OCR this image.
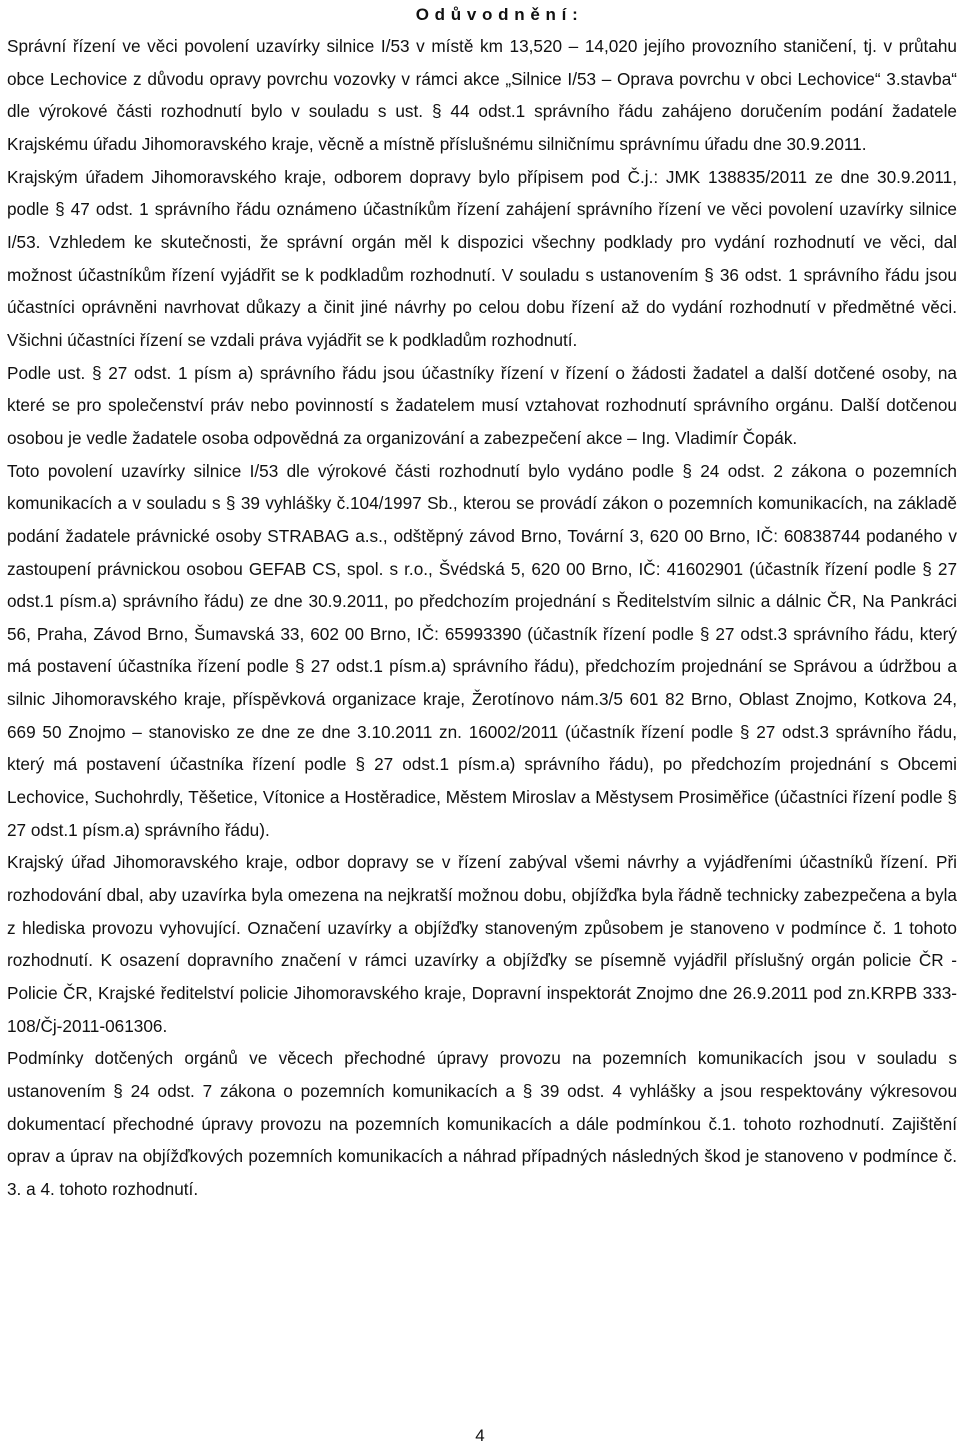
O d ů v o d n ě n í :

Správní řízení ve věci povolení uzavírky silnice I/53 v místě km 13,520 – 14,020 jejího provozního staničení, tj. v průtahu obce Lechovice z důvodu opravy povrchu vozovky v rámci akce „Silnice I/53 – Oprava povrchu v obci Lechovice“ 3.stavba“ dle výrokové části rozhodnutí bylo v souladu s ust. § 44 odst.1 správního řádu zahájeno doručením podání žadatele Krajskému úřadu Jihomoravského kraje, věcně a místně příslušnému silničnímu správnímu úřadu dne 30.9.2011.

Krajským úřadem Jihomoravského kraje, odborem dopravy bylo přípisem pod Č.j.: JMK 138835/2011 ze dne 30.9.2011, podle § 47 odst. 1 správního řádu oznámeno účastníkům řízení zahájení správního řízení ve věci povolení uzavírky silnice I/53. Vzhledem ke skutečnosti, že správní orgán měl k dispozici všechny podklady pro vydání rozhodnutí ve věci, dal možnost účastníkům řízení vyjádřit se k podkladům rozhodnutí. V souladu s ustanovením § 36 odst. 1 správního řádu jsou účastníci oprávněni navrhovat důkazy a činit jiné návrhy po celou dobu řízení až do vydání rozhodnutí v předmětné věci. Všichni účastníci řízení se vzdali práva vyjádřit se k podkladům rozhodnutí.

Podle ust. § 27 odst. 1 písm a) správního řádu jsou účastníky řízení v řízení o žádosti žadatel a další dotčené osoby, na které se pro společenství práv nebo povinností s žadatelem musí vztahovat rozhodnutí správního orgánu. Další dotčenou osobou je vedle žadatele osoba odpovědná za organizování a zabezpečení akce – Ing. Vladimír Čopák.

Toto povolení uzavírky silnice I/53 dle výrokové části rozhodnutí bylo vydáno podle § 24 odst. 2 zákona o pozemních komunikacích a v souladu s § 39 vyhlášky č.104/1997 Sb., kterou se provádí zákon o pozemních komunikacích, na základě podání žadatele právnické osoby STRABAG a.s., odštěpný závod Brno, Tovární 3, 620 00 Brno, IČ: 60838744 podaného v zastoupení právnickou osobou GEFAB CS, spol. s r.o., Švédská 5, 620 00 Brno, IČ: 41602901 (účastník řízení podle § 27 odst.1 písm.a) správního řádu) ze dne 30.9.2011, po předchozím projednání s Ředitelstvím silnic a dálnic ČR, Na Pankráci 56, Praha, Závod Brno, Šumavská 33, 602 00 Brno, IČ: 65993390 (účastník řízení podle § 27 odst.3 správního řádu, který má postavení účastníka řízení podle § 27 odst.1 písm.a) správního řádu), předchozím projednání se Správou a údržbou a silnic Jihomoravského kraje, příspěvková organizace kraje, Žerotínovo nám.3/5 601 82 Brno, Oblast Znojmo, Kotkova 24, 669 50 Znojmo – stanovisko ze dne ze dne 3.10.2011 zn. 16002/2011 (účastník řízení podle § 27 odst.3 správního řádu, který má postavení účastníka řízení podle § 27 odst.1 písm.a) správního řádu), po předchozím projednání s Obcemi Lechovice, Suchohrdly, Těšetice, Vítonice a Hostěradice, Městem Miroslav a Městysem Prosiměřice (účastníci řízení podle § 27 odst.1 písm.a) správního řádu).

Krajský úřad Jihomoravského kraje, odbor dopravy se v řízení zabýval všemi návrhy a vyjádřeními účastníků řízení. Při rozhodování dbal, aby uzavírka byla omezena na nejkratší možnou dobu, objížďka byla řádně technicky zabezpečena a byla z hlediska provozu vyhovující. Označení uzavírky a objížďky stanoveným způsobem je stanoveno v podmínce č. 1 tohoto rozhodnutí. K osazení dopravního značení v rámci uzavírky a objížďky se písemně vyjádřil příslušný orgán policie ČR - Policie ČR, Krajské ředitelství policie Jihomoravského kraje, Dopravní inspektorát Znojmo dne 26.9.2011 pod zn.KRPB 333-108/Čj-2011-061306.

Podmínky dotčených orgánů ve věcech přechodné úpravy provozu na pozemních komunikacích jsou v souladu s ustanovením § 24 odst. 7 zákona o pozemních komunikacích a § 39 odst. 4 vyhlášky a jsou respektovány výkresovou dokumentací přechodné úpravy provozu na pozemních komunikacích a dále podmínkou č.1. tohoto rozhodnutí. Zajištění oprav a úprav na objížďkových pozemních komunikacích a náhrad případných následných škod je stanoveno v podmínce č. 3. a 4. tohoto rozhodnutí.

4
